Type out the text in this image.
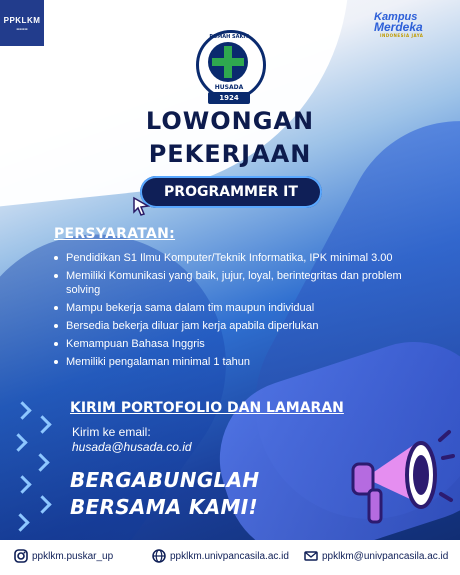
PPKLKM
▬▬▬▬
Kampus
Merdeka
INDONESIA JAYA
RUMAH SAKIT
HUSADA
1924
LOWONGAN
PEKERJAAN
PROGRAMMER IT
PERSYARATAN:
Pendidikan S1 Ilmu Komputer/Teknik Informatika, IPK minimal 3.00
Memiliki Komunikasi yang baik, jujur, loyal, berintegritas dan problem solving
Mampu bekerja sama dalam tim maupun individual
Bersedia bekerja diluar jam kerja apabila diperlukan
Kemampuan Bahasa Inggris
Memiliki pengalaman minimal 1 tahun
KIRIM PORTOFOLIO DAN LAMARAN
Kirim ke email:
husada@husada.co.id
BERGABUNGLAH
BERSAMA KAMI!
ppklkm.puskar_up	ppklkm.univpancasila.ac.id	ppklkm@univpancasila.ac.id
